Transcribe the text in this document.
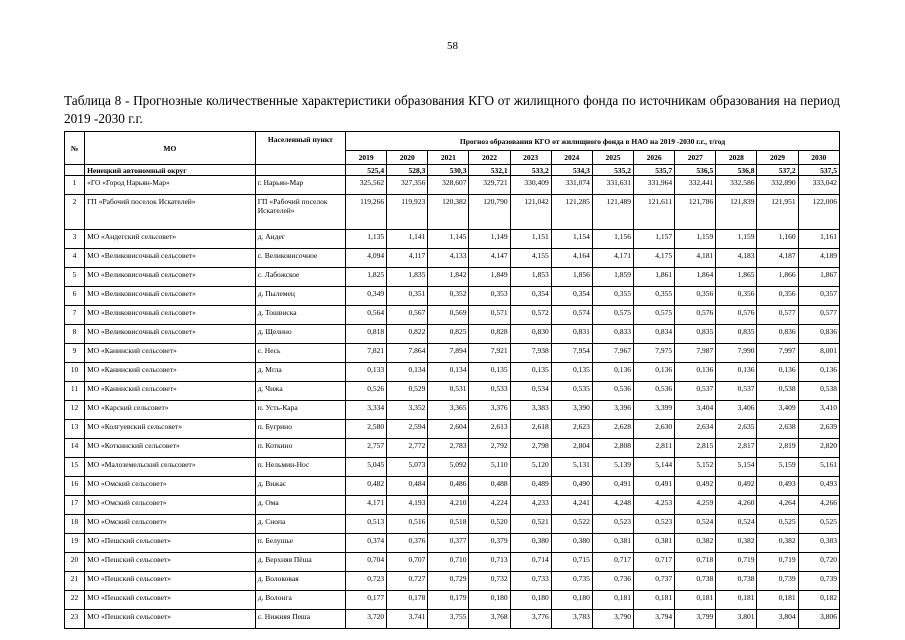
58
Таблица 8 - Прогнозные количественные характеристики образования КГО от жилищного фонда по источникам образования на период 2019 -2030 г.г.
№	МО	Населенный пункт	Прогноз образования КГО от жилищного фонда в НАО на 2019 -2030 г.г., т/год											
			2019	2020	2021	2022	2023	2024	2025	2026	2027	2028	2029	2030
	Ненецкий автономный округ		525,4	528,3	530,3	532,1	533,2	534,3	535,2	535,7	536,5	536,8	537,2	537,5
1	«ГО «Город Нарьян-Мар»	г. Нарьян-Мар	325,562	327,356	328,607	329,721	330,409	331,074	331,631	331,964	332,441	332,586	332,890	333,042
2	ГП «Рабочий поселок Искателей»	ГП «Рабочий поселок Искателей»	119,266	119,923	120,382	120,790	121,042	121,285	121,489	121,611	121,786	121,839	121,951	122,006
3	МО «Андегский сельсовет»	д. Андег	1,135	1,141	1,145	1,149	1,151	1,154	1,156	1,157	1,159	1,159	1,160	1,161
4	МО «Великовисочный сельсовет»	с. Великовисочное	4,094	4,117	4,133	4,147	4,155	4,164	4,171	4,175	4,181	4,183	4,187	4,189
5	МО «Великовисочный сельсовет»	с. Лабожское	1,825	1,835	1,842	1,849	1,853	1,856	1,859	1,861	1,864	1,865	1,866	1,867
6	МО «Великовисочный сельсовет»	д. Пылемец	0,349	0,351	0,352	0,353	0,354	0,354	0,355	0,355	0,356	0,356	0,356	0,357
7	МО «Великовисочный сельсовет»	д. Тошвиска	0,564	0,567	0,569	0,571	0,572	0,574	0,575	0,575	0,576	0,576	0,577	0,577
8	МО «Великовисочный сельсовет»	д. Щелино	0,818	0,822	0,825	0,828	0,830	0,831	0,833	0,834	0,835	0,835	0,836	0,836
9	МО «Канинский сельсовет»	с. Несь	7,821	7,864	7,894	7,921	7,938	7,954	7,967	7,975	7,987	7,990	7,997	8,001
10	МО «Канинский сельсовет»	д. Мгла	0,133	0,134	0,134	0,135	0,135	0,135	0,136	0,136	0,136	0,136	0,136	0,136
11	МО «Канинский сельсовет»	д. Чижа	0,526	0,529	0,531	0,533	0,534	0,535	0,536	0,536	0,537	0,537	0,538	0,538
12	МО «Карский сельсовет»	п. Усть-Кара	3,334	3,352	3,365	3,376	3,383	3,390	3,396	3,399	3,404	3,406	3,409	3,410
13	МО «Колгуевский сельсовет»	п. Бугрино	2,580	2,594	2,604	2,613	2,618	2,623	2,628	2,630	2,634	2,635	2,638	2,639
14	МО «Коткинский сельсовет»	п. Коткино	2,757	2,772	2,783	2,792	2,798	2,804	2,808	2,811	2,815	2,817	2,819	2,820
15	МО «Малоземельский сельсовет»	п. Нельмин-Нос	5,045	5,073	5,092	5,110	5,120	5,131	5,139	5,144	5,152	5,154	5,159	5,161
16	МО «Омский сельсовет»	д. Вижас	0,482	0,484	0,486	0,488	0,489	0,490	0,491	0,491	0,492	0,492	0,493	0,493
17	МО «Омский сельсовет»	д. Ома	4,171	4,193	4,210	4,224	4,233	4,241	4,248	4,253	4,259	4,260	4,264	4,266
18	МО «Омский сельсовет»	д. Снопа	0,513	0,516	0,518	0,520	0,521	0,522	0,523	0,523	0,524	0,524	0,525	0,525
19	МО «Пешский сельсовет»	п. Белушье	0,374	0,376	0,377	0,379	0,380	0,380	0,381	0,381	0,382	0,382	0,382	0,383
20	МО «Пешский сельсовет»	д. Верхняя Пёша	0,704	0,707	0,710	0,713	0,714	0,715	0,717	0,717	0,718	0,719	0,719	0,720
21	МО «Пешский сельсовет»	д. Волоковая	0,723	0,727	0,729	0,732	0,733	0,735	0,736	0,737	0,738	0,738	0,739	0,739
22	МО «Пешский сельсовет»	д. Волонга	0,177	0,178	0,179	0,180	0,180	0,180	0,181	0,181	0,181	0,181	0,181	0,182
23	МО «Пешский сельсовет»	с. Нижняя Пеша	3,720	3,741	3,755	3,768	3,776	3,783	3,790	3,794	3,799	3,801	3,804	3,806
